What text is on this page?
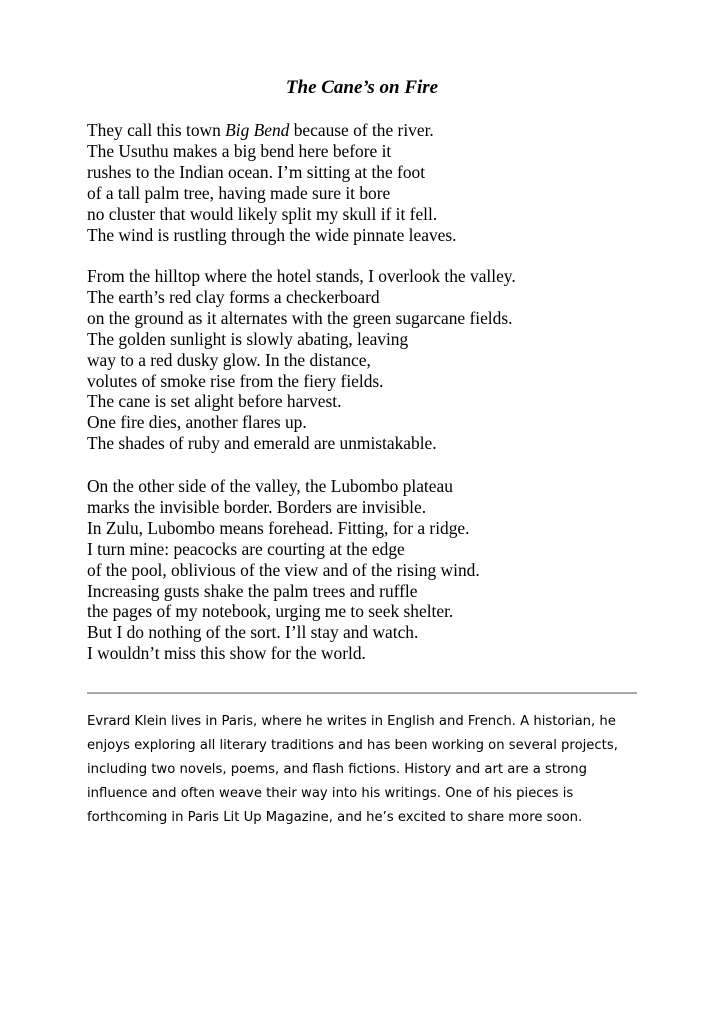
The Cane’s on Fire
They call this town Big Bend because of the river.
The Usuthu makes a big bend here before it
rushes to the Indian ocean. I’m sitting at the foot
of a tall palm tree, having made sure it bore
no cluster that would likely split my skull if it fell.
The wind is rustling through the wide pinnate leaves.
From the hilltop where the hotel stands, I overlook the valley.
The earth’s red clay forms a checkerboard
on the ground as it alternates with the green sugarcane fields.
The golden sunlight is slowly abating, leaving
way to a red dusky glow. In the distance,
volutes of smoke rise from the fiery fields.
The cane is set alight before harvest.
One fire dies, another flares up.
The shades of ruby and emerald are unmistakable.
On the other side of the valley, the Lubombo plateau
marks the invisible border. Borders are invisible.
In Zulu, Lubombo means forehead. Fitting, for a ridge.
I turn mine: peacocks are courting at the edge
of the pool, oblivious of the view and of the rising wind.
Increasing gusts shake the palm trees and ruffle
the pages of my notebook, urging me to seek shelter.
But I do nothing of the sort. I’ll stay and watch.
I wouldn’t miss this show for the world.
Evrard Klein lives in Paris, where he writes in English and French. A historian, he
enjoys exploring all literary traditions and has been working on several projects,
including two novels, poems, and flash fictions. History and art are a strong
influence and often weave their way into his writings. One of his pieces is
forthcoming in Paris Lit Up Magazine, and he’s excited to share more soon.
